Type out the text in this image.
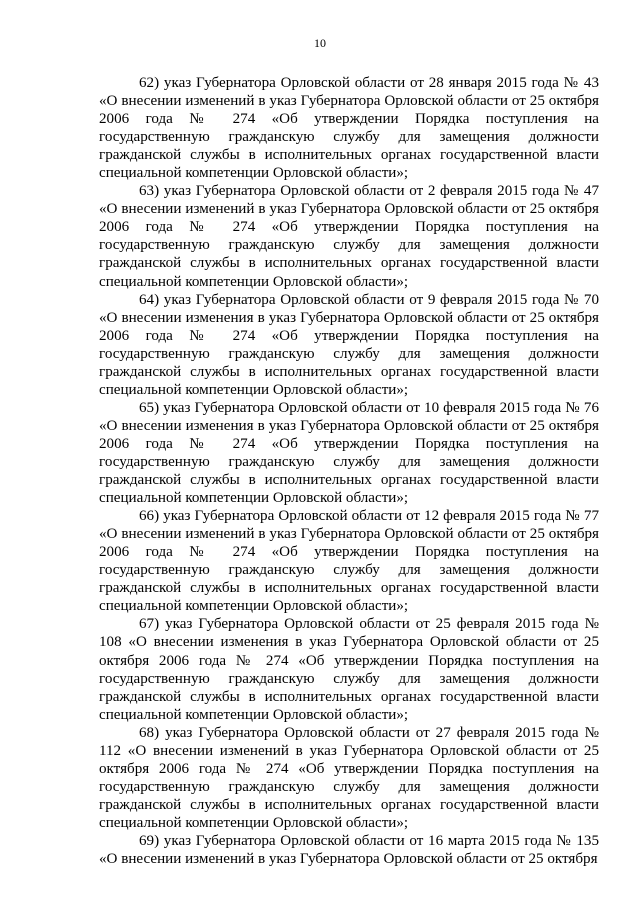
10

62) указ Губернатора Орловской области от 28 января 2015 года № 43 «О внесении изменений в указ Губернатора Орловской области от 25 октября 2006 года № 274 «Об утверждении Порядка поступления на государственную гражданскую службу для замещения должности гражданской службы в исполнительных органах государственной власти специальной компетенции Орловской области»;

63) указ Губернатора Орловской области от 2 февраля 2015 года № 47 «О внесении изменений в указ Губернатора Орловской области от 25 октября 2006 года № 274 «Об утверждении Порядка поступления на государственную гражданскую службу для замещения должности гражданской службы в исполнительных органах государственной власти специальной компетенции Орловской области»;

64) указ Губернатора Орловской области от 9 февраля 2015 года № 70 «О внесении изменения в указ Губернатора Орловской области от 25 октября 2006 года № 274 «Об утверждении Порядка поступления на государственную гражданскую службу для замещения должности гражданской службы в исполнительных органах государственной власти специальной компетенции Орловской области»;

65) указ Губернатора Орловской области от 10 февраля 2015 года № 76 «О внесении изменения в указ Губернатора Орловской области от 25 октября 2006 года № 274 «Об утверждении Порядка поступления на государственную гражданскую службу для замещения должности гражданской службы в исполнительных органах государственной власти специальной компетенции Орловской области»;

66) указ Губернатора Орловской области от 12 февраля 2015 года № 77 «О внесении изменений в указ Губернатора Орловской области от 25 октября 2006 года № 274 «Об утверждении Порядка поступления на государственную гражданскую службу для замещения должности гражданской службы в исполнительных органах государственной власти специальной компетенции Орловской области»;

67) указ Губернатора Орловской области от 25 февраля 2015 года № 108 «О внесении изменения в указ Губернатора Орловской области от 25 октября 2006 года № 274 «Об утверждении Порядка поступления на государственную гражданскую службу для замещения должности гражданской службы в исполнительных органах государственной власти специальной компетенции Орловской области»;

68) указ Губернатора Орловской области от 27 февраля 2015 года № 112 «О внесении изменений в указ Губернатора Орловской области от 25 октября 2006 года № 274 «Об утверждении Порядка поступления на государственную гражданскую службу для замещения должности гражданской службы в исполнительных органах государственной власти специальной компетенции Орловской области»;

69) указ Губернатора Орловской области от 16 марта 2015 года № 135 «О внесении изменений в указ Губернатора Орловской области от 25 октября
